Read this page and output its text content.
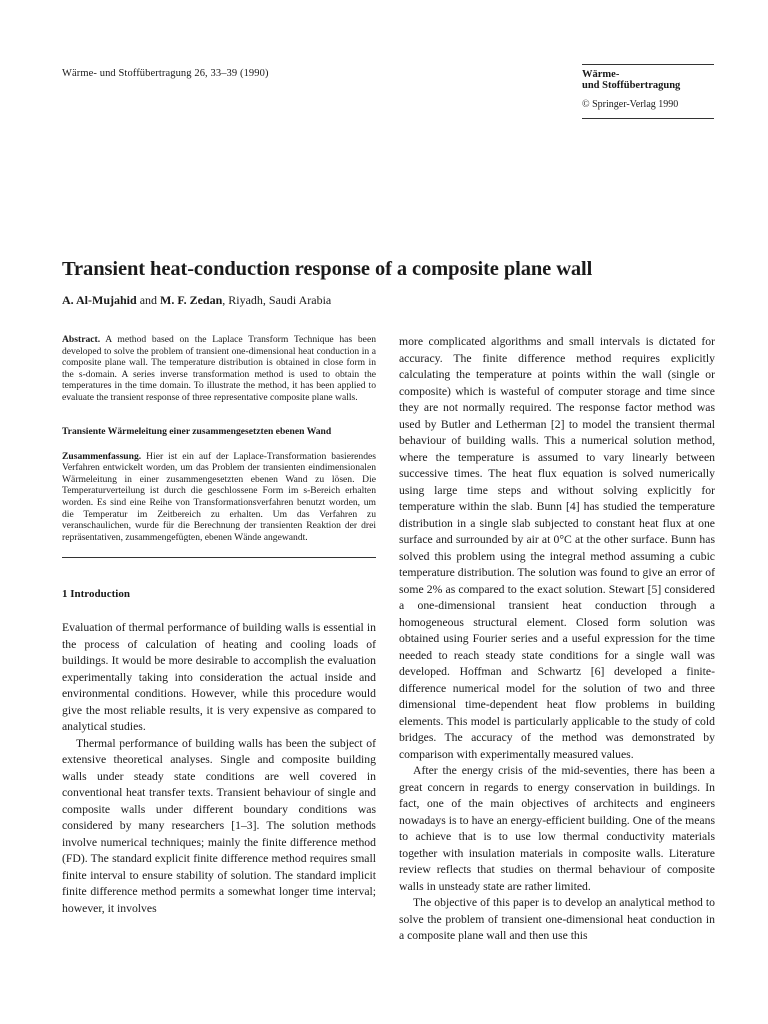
Wärme- und Stoffübertragung 26, 33–39 (1990)	Wärme-
und Stoffübertragung
© Springer-Verlag 1990
Transient heat-conduction response of a composite plane wall
A. Al-Mujahid and M. F. Zedan, Riyadh, Saudi Arabia

Abstract. A method based on the Laplace Transform Technique has been developed to solve the problem of transient one-dimensional heat conduction in a composite plane wall. The temperature distribution is obtained in close form in the s-domain. A series inverse transformation method is used to obtain the temperatures in the time domain. To illustrate the method, it has been applied to evaluate the transient response of three representative composite plane walls.

Transiente Wärmeleitung einer zusammengesetzten ebenen Wand

Zusammenfassung. Hier ist ein auf der Laplace-Transformation basierendes Verfahren entwickelt worden, um das Problem der transienten eindimensionalen Wärmeleitung in einer zusammengesetzten ebenen Wand zu lösen. Die Temperaturverteilung ist durch die geschlossene Form im s-Bereich erhalten worden. Es sind eine Reihe von Transformationsverfahren benutzt worden, um die Temperatur im Zeitbereich zu erhalten. Um das Verfahren zu veranschaulichen, wurde für die Berechnung der transienten Reaktion der drei repräsentativen, zusammengefügten, ebenen Wände angewandt.

1 Introduction

Evaluation of thermal performance of building walls is essential in the process of calculation of heating and cooling loads of buildings. It would be more desirable to accomplish the evaluation experimentally taking into consideration the actual inside and environmental conditions. However, while this procedure would give the most reliable results, it is very expensive as compared to analytical studies.

Thermal performance of building walls has been the subject of extensive theoretical analyses. Single and composite building walls under steady state conditions are well covered in conventional heat transfer texts. Transient behaviour of single and composite walls under different boundary conditions was considered by many researchers [1–3]. The solution methods involve numerical techniques; mainly the finite difference method (FD). The standard explicit finite difference method requires small finite interval to ensure stability of solution. The standard implicit finite difference method permits a somewhat longer time interval; however, it involves

more complicated algorithms and small intervals is dictated for accuracy. The finite difference method requires explicitly calculating the temperature at points within the wall (single or composite) which is wasteful of computer storage and time since they are not normally required. The response factor method was used by Butler and Letherman [2] to model the transient thermal behaviour of building walls. This a numerical solution method, where the temperature is assumed to vary linearly between successive times. The heat flux equation is solved numerically using large time steps and without solving explicitly for temperature within the slab. Bunn [4] has studied the temperature distribution in a single slab subjected to constant heat flux at one surface and surrounded by air at 0°C at the other surface. Bunn has solved this problem using the integral method assuming a cubic temperature distribution. The solution was found to give an error of some 2% as compared to the exact solution. Stewart [5] considered a one-dimensional transient heat conduction through a homogeneous structural element. Closed form solution was obtained using Fourier series and a useful expression for the time needed to reach steady state conditions for a single wall was developed. Hoffman and Schwartz [6] developed a finite-difference numerical model for the solution of two and three dimensional time-dependent heat flow problems in building elements. This model is particularly applicable to the study of cold bridges. The accuracy of the method was demonstrated by comparison with experimentally measured values.

After the energy crisis of the mid-seventies, there has been a great concern in regards to energy conservation in buildings. In fact, one of the main objectives of architects and engineers nowadays is to have an energy-efficient building. One of the means to achieve that is to use low thermal conductivity materials together with insulation materials in composite walls. Literature review reflects that studies on thermal behaviour of composite walls in unsteady state are rather limited.

The objective of this paper is to develop an analytical method to solve the problem of transient one-dimensional heat conduction in a composite plane wall and then use this
